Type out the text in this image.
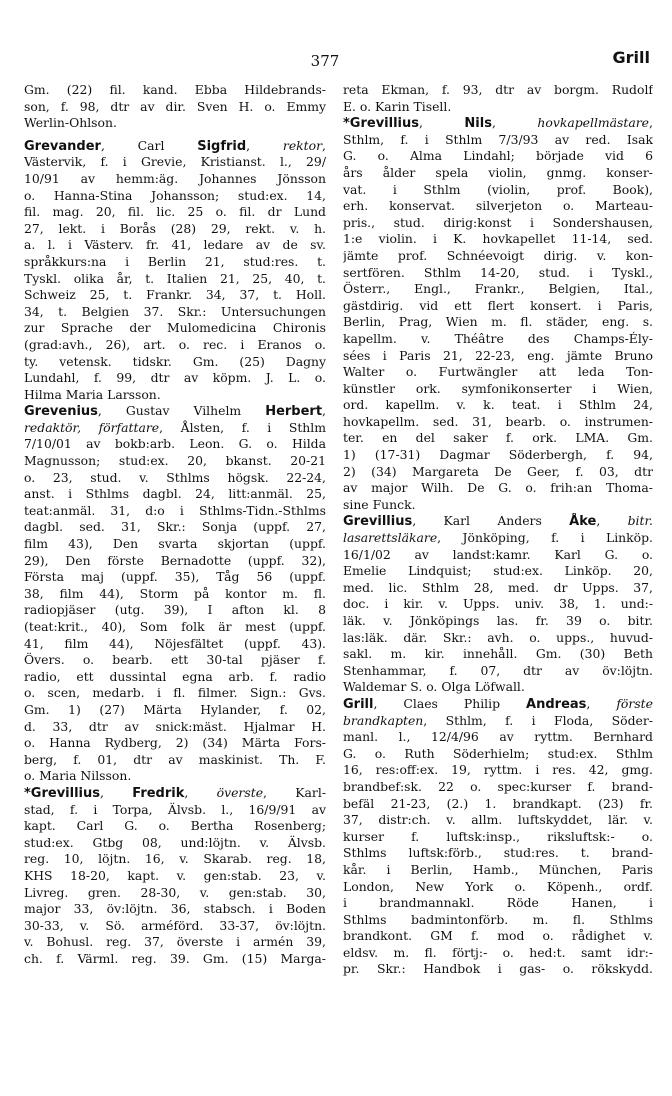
377	Grill
Gm. (22) fil. kand. Ebba Hildebrands-
son, f. 98, dtr av dir. Sven H. o. Emmy
Werlin-Ohlson.
Grevander, Carl Sigfrid, rektor,
Västervik, f. i Grevie, Kristianst. l., 29/
10/91 av hemm:äg. Johannes Jönsson
o. Hanna-Stina Johansson; stud:ex. 14,
fil. mag. 20, fil. lic. 25 o. fil. dr Lund
27, lekt. i Borås (28) 29, rekt. v. h.
a. l. i Västerv. fr. 41, ledare av de sv.
språkkurs:na i Berlin 21, stud:res. t.
Tyskl. olika år, t. Italien 21, 25, 40, t.
Schweiz 25, t. Frankr. 34, 37, t. Holl.
34, t. Belgien 37. Skr.: Untersuchungen
zur Sprache der Mulomedicina Chironis
(grad:avh., 26), art. o. rec. i Eranos o.
ty. vetensk. tidskr. Gm. (25) Dagny
Lundahl, f. 99, dtr av köpm. J. L. o.
Hilma Maria Larsson.
Grevenius, Gustav Vilhelm Herbert,
redaktör, författare, Ålsten, f. i Sthlm
7/10/01 av bokb:arb. Leon. G. o. Hilda
Magnusson; stud:ex. 20, bkanst. 20-21
o. 23, stud. v. Sthlms högsk. 22-24,
anst. i Sthlms dagbl. 24, litt:anmäl. 25,
teat:anmäl. 31, d:o i Sthlms-Tidn.-Sthlms
dagbl. sed. 31, Skr.: Sonja (uppf. 27,
film 43), Den svarta skjortan (uppf.
29), Den förste Bernadotte (uppf. 32),
Första maj (uppf. 35), Tåg 56 (uppf.
38, film 44), Storm på kontor m. fl.
radiopjäser (utg. 39), I afton kl. 8
(teat:krit., 40), Som folk är mest (uppf.
41, film 44), Nöjesfältet (uppf. 43).
Övers. o. bearb. ett 30-tal pjäser f.
radio, ett dussintal egna arb. f. radio
o. scen, medarb. i fl. filmer. Sign.: Gvs.
Gm. 1) (27) Märta Hylander, f. 02,
d. 33, dtr av snick:mäst. Hjalmar H.
o. Hanna Rydberg, 2) (34) Märta Fors-
berg, f. 01, dtr av maskinist. Th. F.
o. Maria Nilsson.
*Grevillius, Fredrik, överste, Karl-
stad, f. i Torpa, Älvsb. l., 16/9/91 av
kapt. Carl G. o. Bertha Rosenberg;
stud:ex. Gtbg 08, und:löjtn. v. Älvsb.
reg. 10, löjtn. 16, v. Skarab. reg. 18,
KHS 18-20, kapt. v. gen:stab. 23, v.
Livreg. gren. 28-30, v. gen:stab. 30,
major 33, öv:löjtn. 36, stabsch. i Boden
30-33, v. Sö. arméförd. 33-37, öv:löjtn.
v. Bohusl. reg. 37, överste i armén 39,
ch. f. Värml. reg. 39. Gm. (15) Marga-
reta Ekman, f. 93, dtr av borgm. Rudolf
E. o. Karin Tisell.
*Grevillius, Nils, hovkapellmästare,
Sthlm, f. i Sthlm 7/3/93 av red. Isak
G. o. Alma Lindahl; började vid 6
års ålder spela violin, gnmg. konser-
vat. i Sthlm (violin, prof. Book),
erh. konservat. silverjeton o. Marteau-
pris., stud. dirig:konst i Sondershausen,
1:e violin. i K. hovkapellet 11-14, sed.
jämte prof. Schnéevoigt dirig. v. kon-
sertfören. Sthlm 14-20, stud. i Tyskl.,
Österr., Engl., Frankr., Belgien, Ital.,
gästdirig. vid ett flert konsert. i Paris,
Berlin, Prag, Wien m. fl. städer, eng. s.
kapellm. v. Théâtre des Champs-Ély-
sées i Paris 21, 22-23, eng. jämte Bruno
Walter o. Furtwängler att leda Ton-
künstler ork. symfonikonserter i Wien,
ord. kapellm. v. k. teat. i Sthlm 24,
hovkapellm. sed. 31, bearb. o. instrumen-
ter. en del saker f. ork. LMA. Gm.
1) (17-31) Dagmar Söderbergh, f. 94,
2) (34) Margareta De Geer, f. 03, dtr
av major Wilh. De G. o. frih:an Thoma-
sine Funck.
Grevillius, Karl Anders Åke, bitr.
lasarettsläkare, Jönköping, f. i Linköp.
16/1/02 av landst:kamr. Karl G. o.
Emelie Lindquist; stud:ex. Linköp. 20,
med. lic. Sthlm 28, med. dr Upps. 37,
doc. i kir. v. Upps. univ. 38, 1. und:-
läk. v. Jönköpings las. fr. 39 o. bitr.
las:läk. där. Skr.: avh. o. upps., huvud-
sakl. m. kir. innehåll. Gm. (30) Beth
Stenhammar, f. 07, dtr av öv:löjtn.
Waldemar S. o. Olga Löfwall.
Grill, Claes Philip Andreas, förste
brandkapten, Sthlm, f. i Floda, Söder-
manl. l., 12/4/96 av ryttm. Bernhard
G. o. Ruth Söderhielm; stud:ex. Sthlm
16, res:off:ex. 19, ryttm. i res. 42, gmg.
brandbef:sk. 22 o. spec:kurser f. brand-
befäl 21-23, (2.) 1. brandkapt. (23) fr.
37, distr:ch. v. allm. luftskyddet, lär. v.
kurser f. luftsk:insp., riksluftsk:- o.
Sthlms luftsk:förb., stud:res. t. brand-
kår. i Berlin, Hamb., München, Paris
London, New York o. Köpenh., ordf.
i brandmannakl. Röde Hanen, i
Sthlms badmintonförb. m. fl. Sthlms
brandkont. GM f. mod o. rådighet v.
eldsv. m. fl. förtj:- o. hed:t. samt idr:-
pr. Skr.: Handbok i gas- o. rökskydd.
